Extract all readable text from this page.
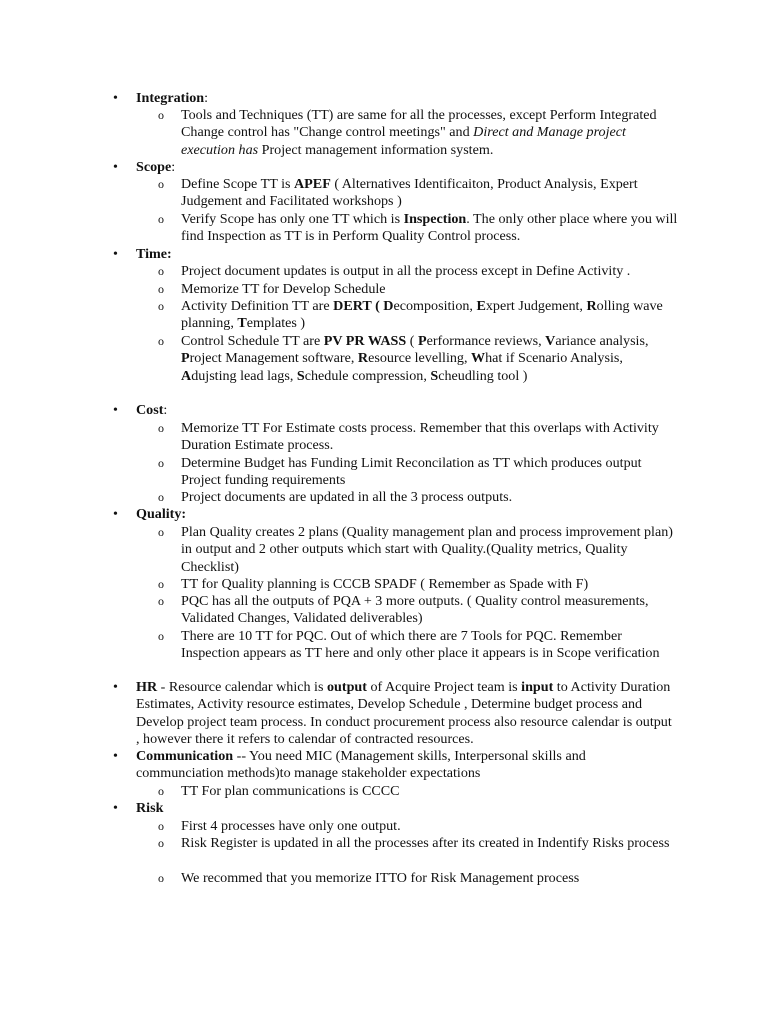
• Integration:
o Tools and Techniques (TT) are same for all the processes, except Perform Integrated Change control has "Change control meetings" and Direct and Manage project execution has Project management information system.
• Scope:
o Define Scope TT is APEF ( Alternatives Identificaiton, Product Analysis, Expert Judgement and Facilitated workshops )
o Verify Scope has only one TT which is Inspection. The only other place where you will find Inspection as TT is in Perform Quality Control process.
• Time:
o Project document updates is output in all the process except in Define Activity .
o Memorize TT for Develop Schedule
o Activity Definition TT are DERT ( Decomposition, Expert Judgement, Rolling wave planning, Templates )
o Control Schedule TT are PV PR WASS ( Performance reviews, Variance analysis, Project Management software, Resource levelling, What if Scenario Analysis, Adujsting lead lags, Schedule compression, Scheudling tool )
• Cost:
o Memorize TT For Estimate costs process. Remember that this overlaps with Activity Duration Estimate process.
o Determine Budget has Funding Limit Reconcilation as TT which produces output Project funding requirements
o Project documents are updated in all the 3 process outputs.
• Quality:
o Plan Quality creates 2 plans (Quality management plan and process improvement plan) in output and 2 other outputs which start with Quality.(Quality metrics, Quality Checklist)
o TT for Quality planning is CCCB SPADF ( Remember as Spade with F)
o PQC has all the outputs of PQA + 3 more outputs. ( Quality control measurements, Validated Changes, Validated deliverables)
o There are 10 TT for PQC. Out of which there are 7 Tools for PQC. Remember Inspection appears as TT here and only other place it appears is in Scope verification
• HR - Resource calendar which is output of Acquire Project team is input to Activity Duration Estimates, Activity resource estimates, Develop Schedule , Determine budget process and Develop project team process. In conduct procurement process also resource calendar is output , however there it refers to calendar of contracted resources.
• Communication -- You need MIC (Management skills, Interpersonal skills and communciation methods)to manage stakeholder expectations
o TT For plan communications is CCCC
• Risk
o First 4 processes have only one output.
o Risk Register is updated in all the processes after its created in Indentify Risks process
o We recommed that you memorize ITTO for Risk Management process
